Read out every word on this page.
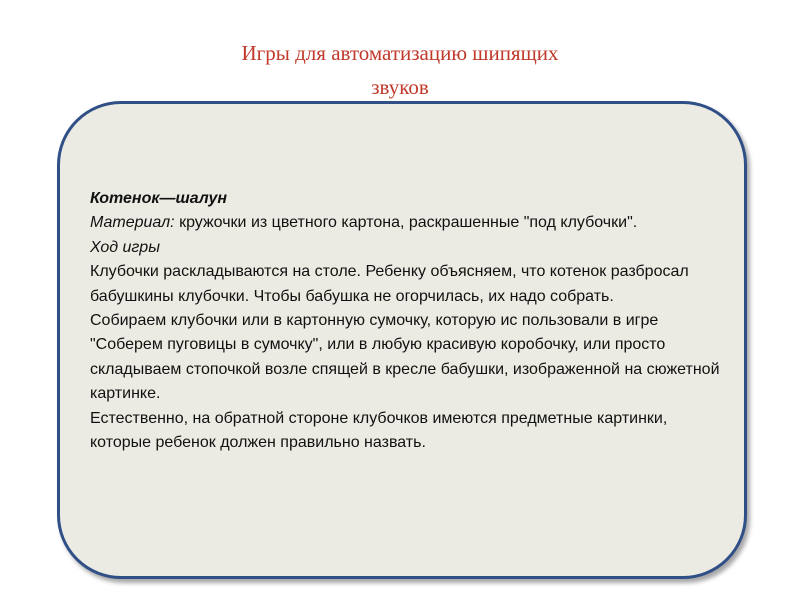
Игры для автоматизацию шипящих
звуков

Котенок—шалун

Материал: кружочки из цветного картона, раскрашенные "под клубочки".

Ход игры

Клубочки раскладываются на столе. Ребенку объясняем, что котенок разбросал бабушкины клубочки. Чтобы бабушка не огорчилась, их надо собрать.

Собираем клубочки или в картонную сумочку, которую ис пользовали в игре "Соберем пуговицы в сумочку", или в любую красивую коробочку, или просто складываем стопочкой возле спящей в кресле бабушки, изображенной на сюжетной картинке.

Естественно, на обратной стороне клубочков имеются предметные картинки, которые ребенок должен правильно назвать.
